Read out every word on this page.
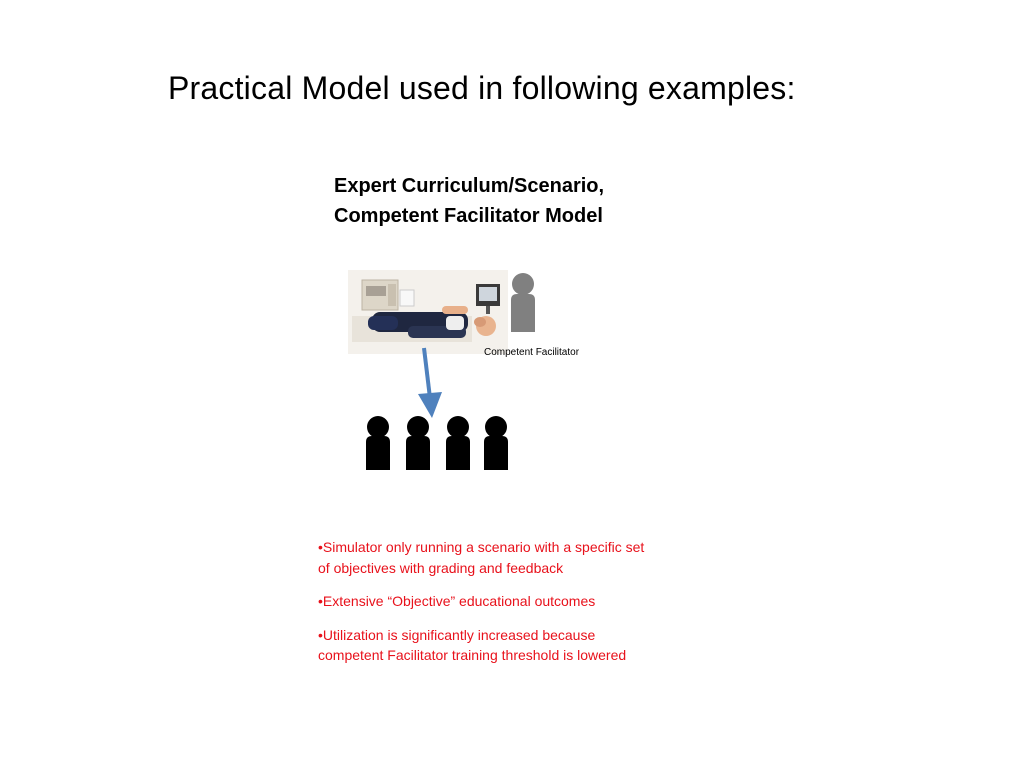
Practical Model used in following examples:
Expert Curriculum/Scenario,
Competent Facilitator Model
Competent Facilitator
•Simulator only running a scenario with a specific set of objectives with grading and feedback
•Extensive “Objective” educational outcomes
•Utilization is significantly increased because competent Facilitator training threshold is lowered
